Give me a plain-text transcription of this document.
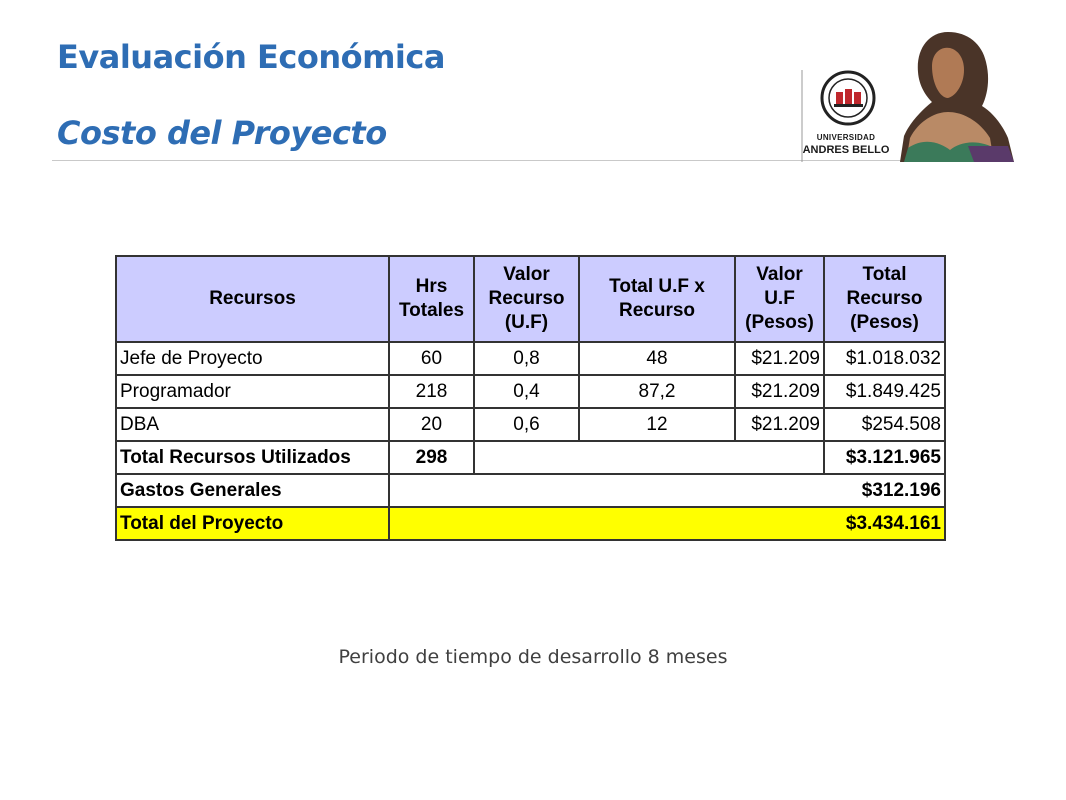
Evaluación Económica
Costo del Proyecto	UNIVERSIDAD
ANDRES BELLO
Recursos	Hrs Totales	Valor Recurso (U.F)	Total U.F x Recurso	Valor U.F (Pesos)	Total Recurso (Pesos)
Jefe de Proyecto	60	0,8	48	$21.209	$1.018.032
Programador	218	0,4	87,2	$21.209	$1.849.425
DBA	20	0,6	12	$21.209	$254.508
Total Recursos Utilizados	298				$3.121.965
Gastos Generales	$312.196				
Total del Proyecto	$3.434.161				

Periodo de tiempo de desarrollo 8 meses
